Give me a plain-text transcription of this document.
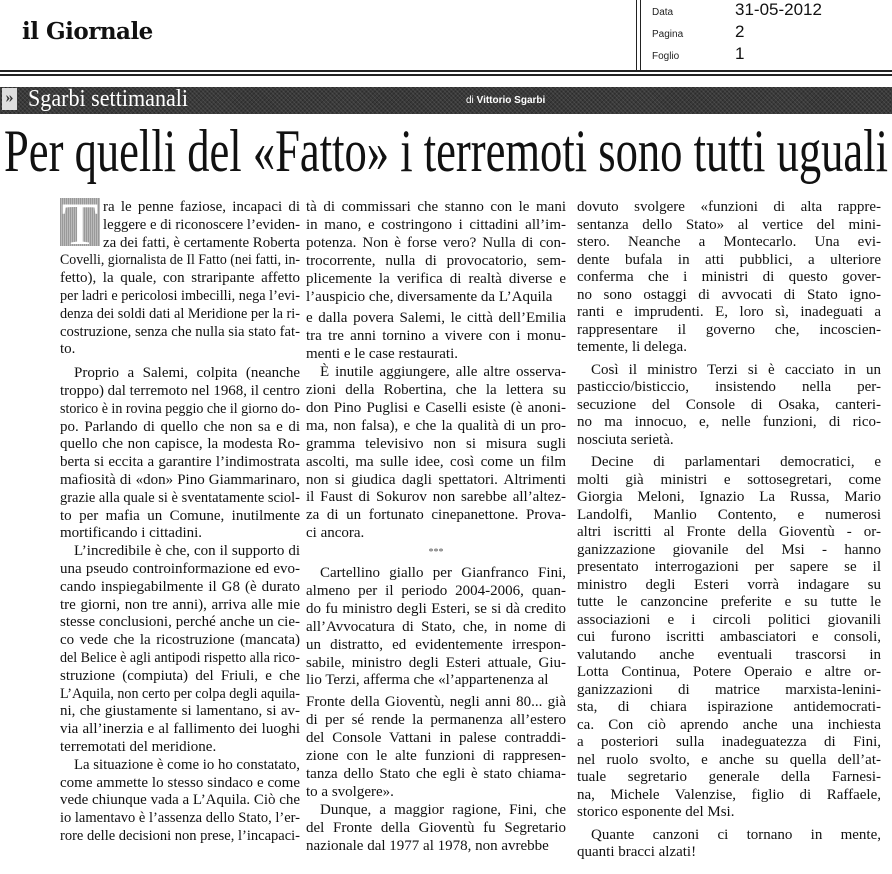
il Giornale
Data	31-05-2012
Pagina	2
Foglio	1
» Sgarbi settimanali	di Vittorio Sgarbi
Per quelli del «Fatto» i terremoti sono tutti uguali
T ra le penne faziose, incapaci di
leggere e di riconoscere l’eviden-
za dei fatti, è certamente Roberta
Covelli, giornalista de Il Fatto (nei fatti, in-
fetto), la quale, con straripante affetto
per ladri e pericolosi imbecilli, nega l’evi-
denza dei soldi dati al Meridione per la ri-
costruzione, senza che nulla sia stato fat-
to.
Proprio a Salemi, colpita (neanche
troppo) dal terremoto nel 1968, il centro
storico è in rovina peggio che il giorno do-
po. Parlando di quello che non sa e di
quello che non capisce, la modesta Ro-
berta si eccita a garantire l’indimostrata
mafiosità di «don» Pino Giammarinaro,
grazie alla quale si è sventatamente sciol-
to per mafia un Comune, inutilmente
mortificando i cittadini.
L’incredibile è che, con il supporto di
una pseudo controinformazione ed evo-
cando inspiegabilmente il G8 (è durato
tre giorni, non tre anni), arriva alle mie
stesse conclusioni, perché anche un cie-
co vede che la ricostruzione (mancata)
del Belice è agli antipodi rispetto alla rico-
struzione (compiuta) del Friuli, e che
L’Aquila, non certo per colpa degli aquila-
ni, che giustamente si lamentano, si av-
via all’inerzia e al fallimento dei luoghi
terremotati del meridione.
La situazione è come io ho constatato,
come ammette lo stesso sindaco e come
vede chiunque vada a L’Aquila. Ciò che
io lamentavo è l’assenza dello Stato, l’er-
rore delle decisioni non prese, l’incapaci-
tà di commissari che stanno con le mani
in mano, e costringono i cittadini all’im-
potenza. Non è forse vero? Nulla di con-
trocorrente, nulla di provocatorio, sem-
plicemente la verifica di realtà diverse e
l’auspicio che, diversamente da L’Aquila
e dalla povera Salemi, le città dell’Emilia
tra tre anni tornino a vivere con i monu-
menti e le case restaurati.
È inutile aggiungere, alle altre osserva-
zioni della Robertina, che la lettera su
don Pino Puglisi e Caselli esiste (è anoni-
ma, non falsa), e che la qualità di un pro-
gramma televisivo non si misura sugli
ascolti, ma sulle idee, così come un film
non si giudica dagli spettatori. Altrimenti
il Faust di Sokurov non sarebbe all’altez-
za di un fortunato cinepanettone. Prova-
ci ancora.
***
Cartellino giallo per Gianfranco Fini,
almeno per il periodo 2004-2006, quan-
do fu ministro degli Esteri, se si dà credito
all’Avvocatura di Stato, che, in nome di
un distratto, ed evidentemente irrespon-
sabile, ministro degli Esteri attuale, Giu-
lio Terzi, afferma che «l’appartenenza al
Fronte della Gioventù, negli anni 80... già
di per sé rende la permanenza all’estero
del Console Vattani in palese contraddi-
zione con le alte funzioni di rappresen-
tanza dello Stato che egli è stato chiama-
to a svolgere».
Dunque, a maggior ragione, Fini, che
del Fronte della Gioventù fu Segretario
nazionale dal 1977 al 1978, non avrebbe
dovuto svolgere «funzioni di alta rappre-
sentanza dello Stato» al vertice del mini-
stero. Neanche a Montecarlo. Una evi-
dente bufala in atti pubblici, a ulteriore
conferma che i ministri di questo gover-
no sono ostaggi di avvocati di Stato igno-
ranti e imprudenti. E, loro sì, inadeguati a
rappresentare il governo che, incoscien-
temente, li delega.
Così il ministro Terzi si è cacciato in un
pasticcio/bisticcio, insistendo nella per-
secuzione del Console di Osaka, canteri-
no ma innocuo, e, nelle funzioni, di rico-
nosciuta serietà.
Decine di parlamentari democratici, e
molti già ministri e sottosegretari, come
Giorgia Meloni, Ignazio La Russa, Mario
Landolfi, Manlio Contento, e numerosi
altri iscritti al Fronte della Gioventù - or-
ganizzazione giovanile del Msi - hanno
presentato interrogazioni per sapere se il
ministro degli Esteri vorrà indagare su
tutte le canzoncine preferite e su tutte le
associazioni e i circoli politici giovanili
cui furono iscritti ambasciatori e consoli,
valutando anche eventuali trascorsi in
Lotta Continua, Potere Operaio e altre or-
ganizzazioni di matrice marxista-lenini-
sta, di chiara ispirazione antidemocrati-
ca. Con ciò aprendo anche una inchiesta
a posteriori sulla inadeguatezza di Fini,
nel ruolo svolto, e anche su quella dell’at-
tuale segretario generale della Farnesi-
na, Michele Valenzise, figlio di Raffaele,
storico esponente del Msi.
Quante canzoni ci tornano in mente,
quanti bracci alzati!
